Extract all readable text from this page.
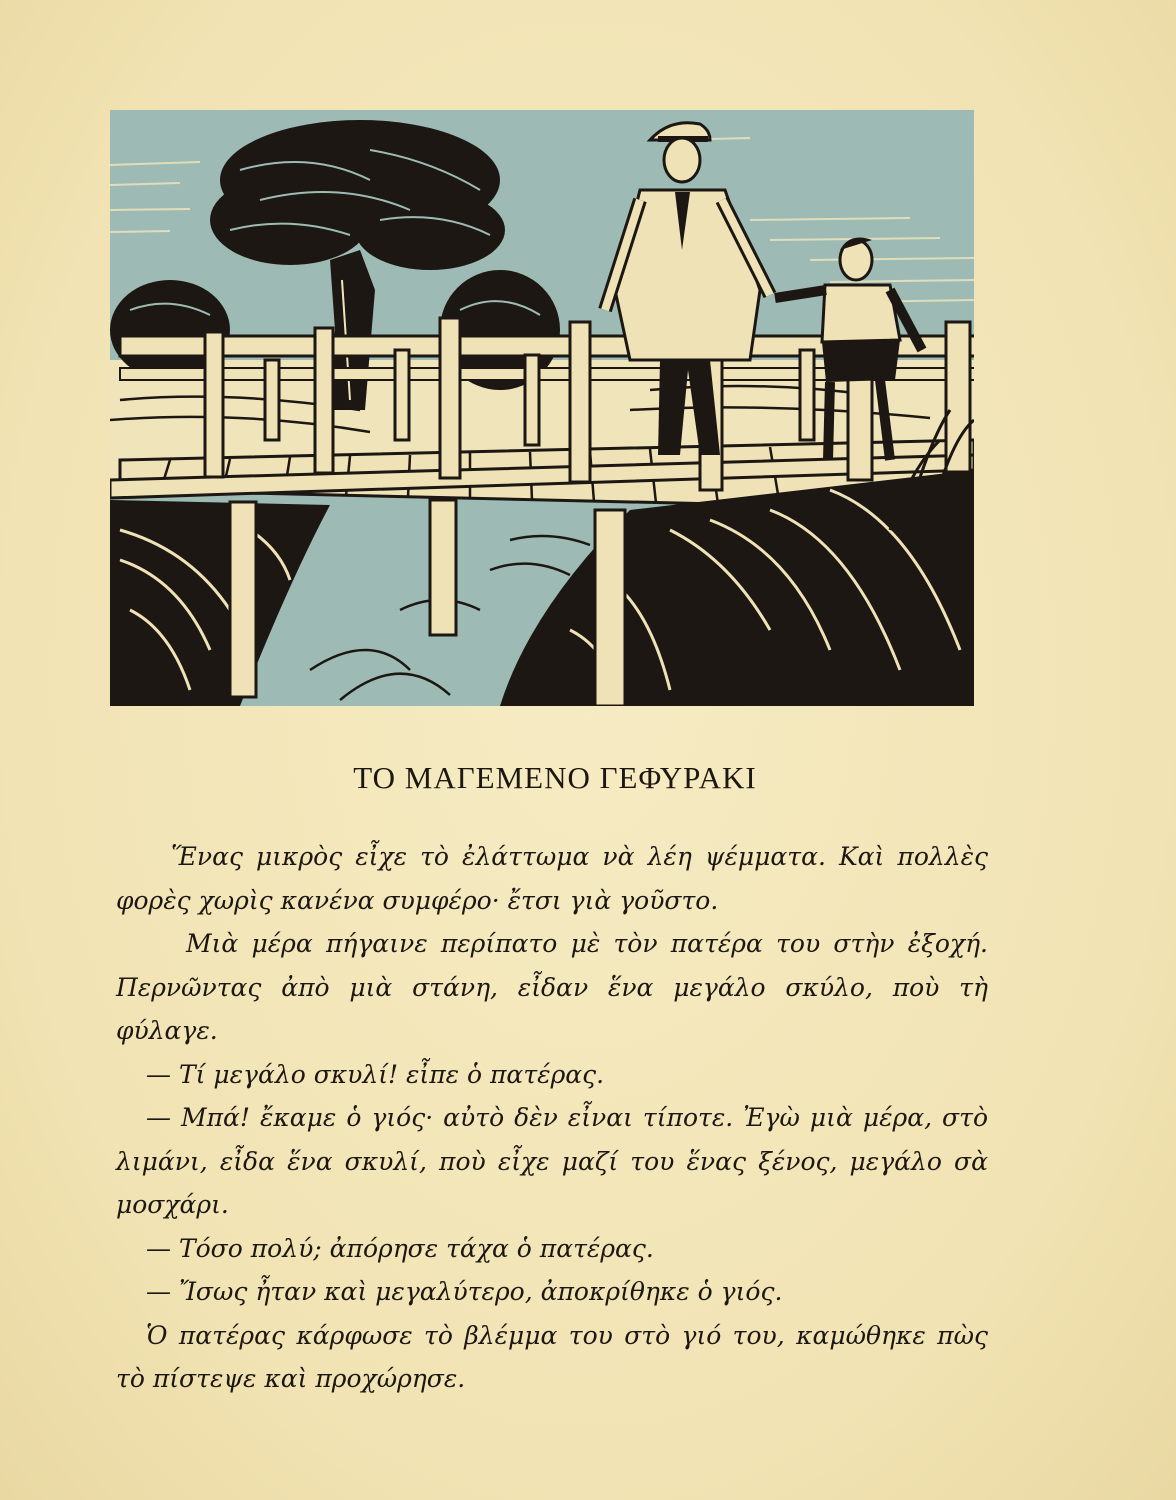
ΤΟ ΜΑΓΕΜΕΝΟ ΓΕΦΥΡΑΚΙ

Ἕνας μικρὸς εἶχε τὸ ἐλάττωμα νὰ λέη ψέμματα. Καὶ πολλὲς φορὲς χωρὶς κανένα συμφέρο· ἔτσι γιὰ γοῦστο.

Μιὰ μέρα πήγαινε περίπατο μὲ τὸν πατέρα του στὴν ἐξοχή. Περνῶντας ἀπὸ μιὰ στάνη, εἶδαν ἕνα μεγάλο σκύλο, ποὺ τὴ φύλαγε.

— Τί μεγάλο σκυλί! εἶπε ὁ πατέρας.

— Μπά! ἔκαμε ὁ γιός· αὐτὸ δὲν εἶναι τίποτε. Ἐγὼ μιὰ μέρα, στὸ λιμάνι, εἶδα ἕνα σκυλί, ποὺ εἶχε μαζί του ἕνας ξένος, μεγάλο σὰ μοσχάρι.

— Τόσο πολύ; ἀπόρησε τάχα ὁ πατέρας.

— Ἴσως ἦταν καὶ μεγαλύτερο, ἀποκρίθηκε ὁ γιός.

Ὁ πατέρας κάρφωσε τὸ βλέμμα του στὸ γιό του, καμώθηκε πὼς τὸ πίστεψε καὶ προχώρησε.
